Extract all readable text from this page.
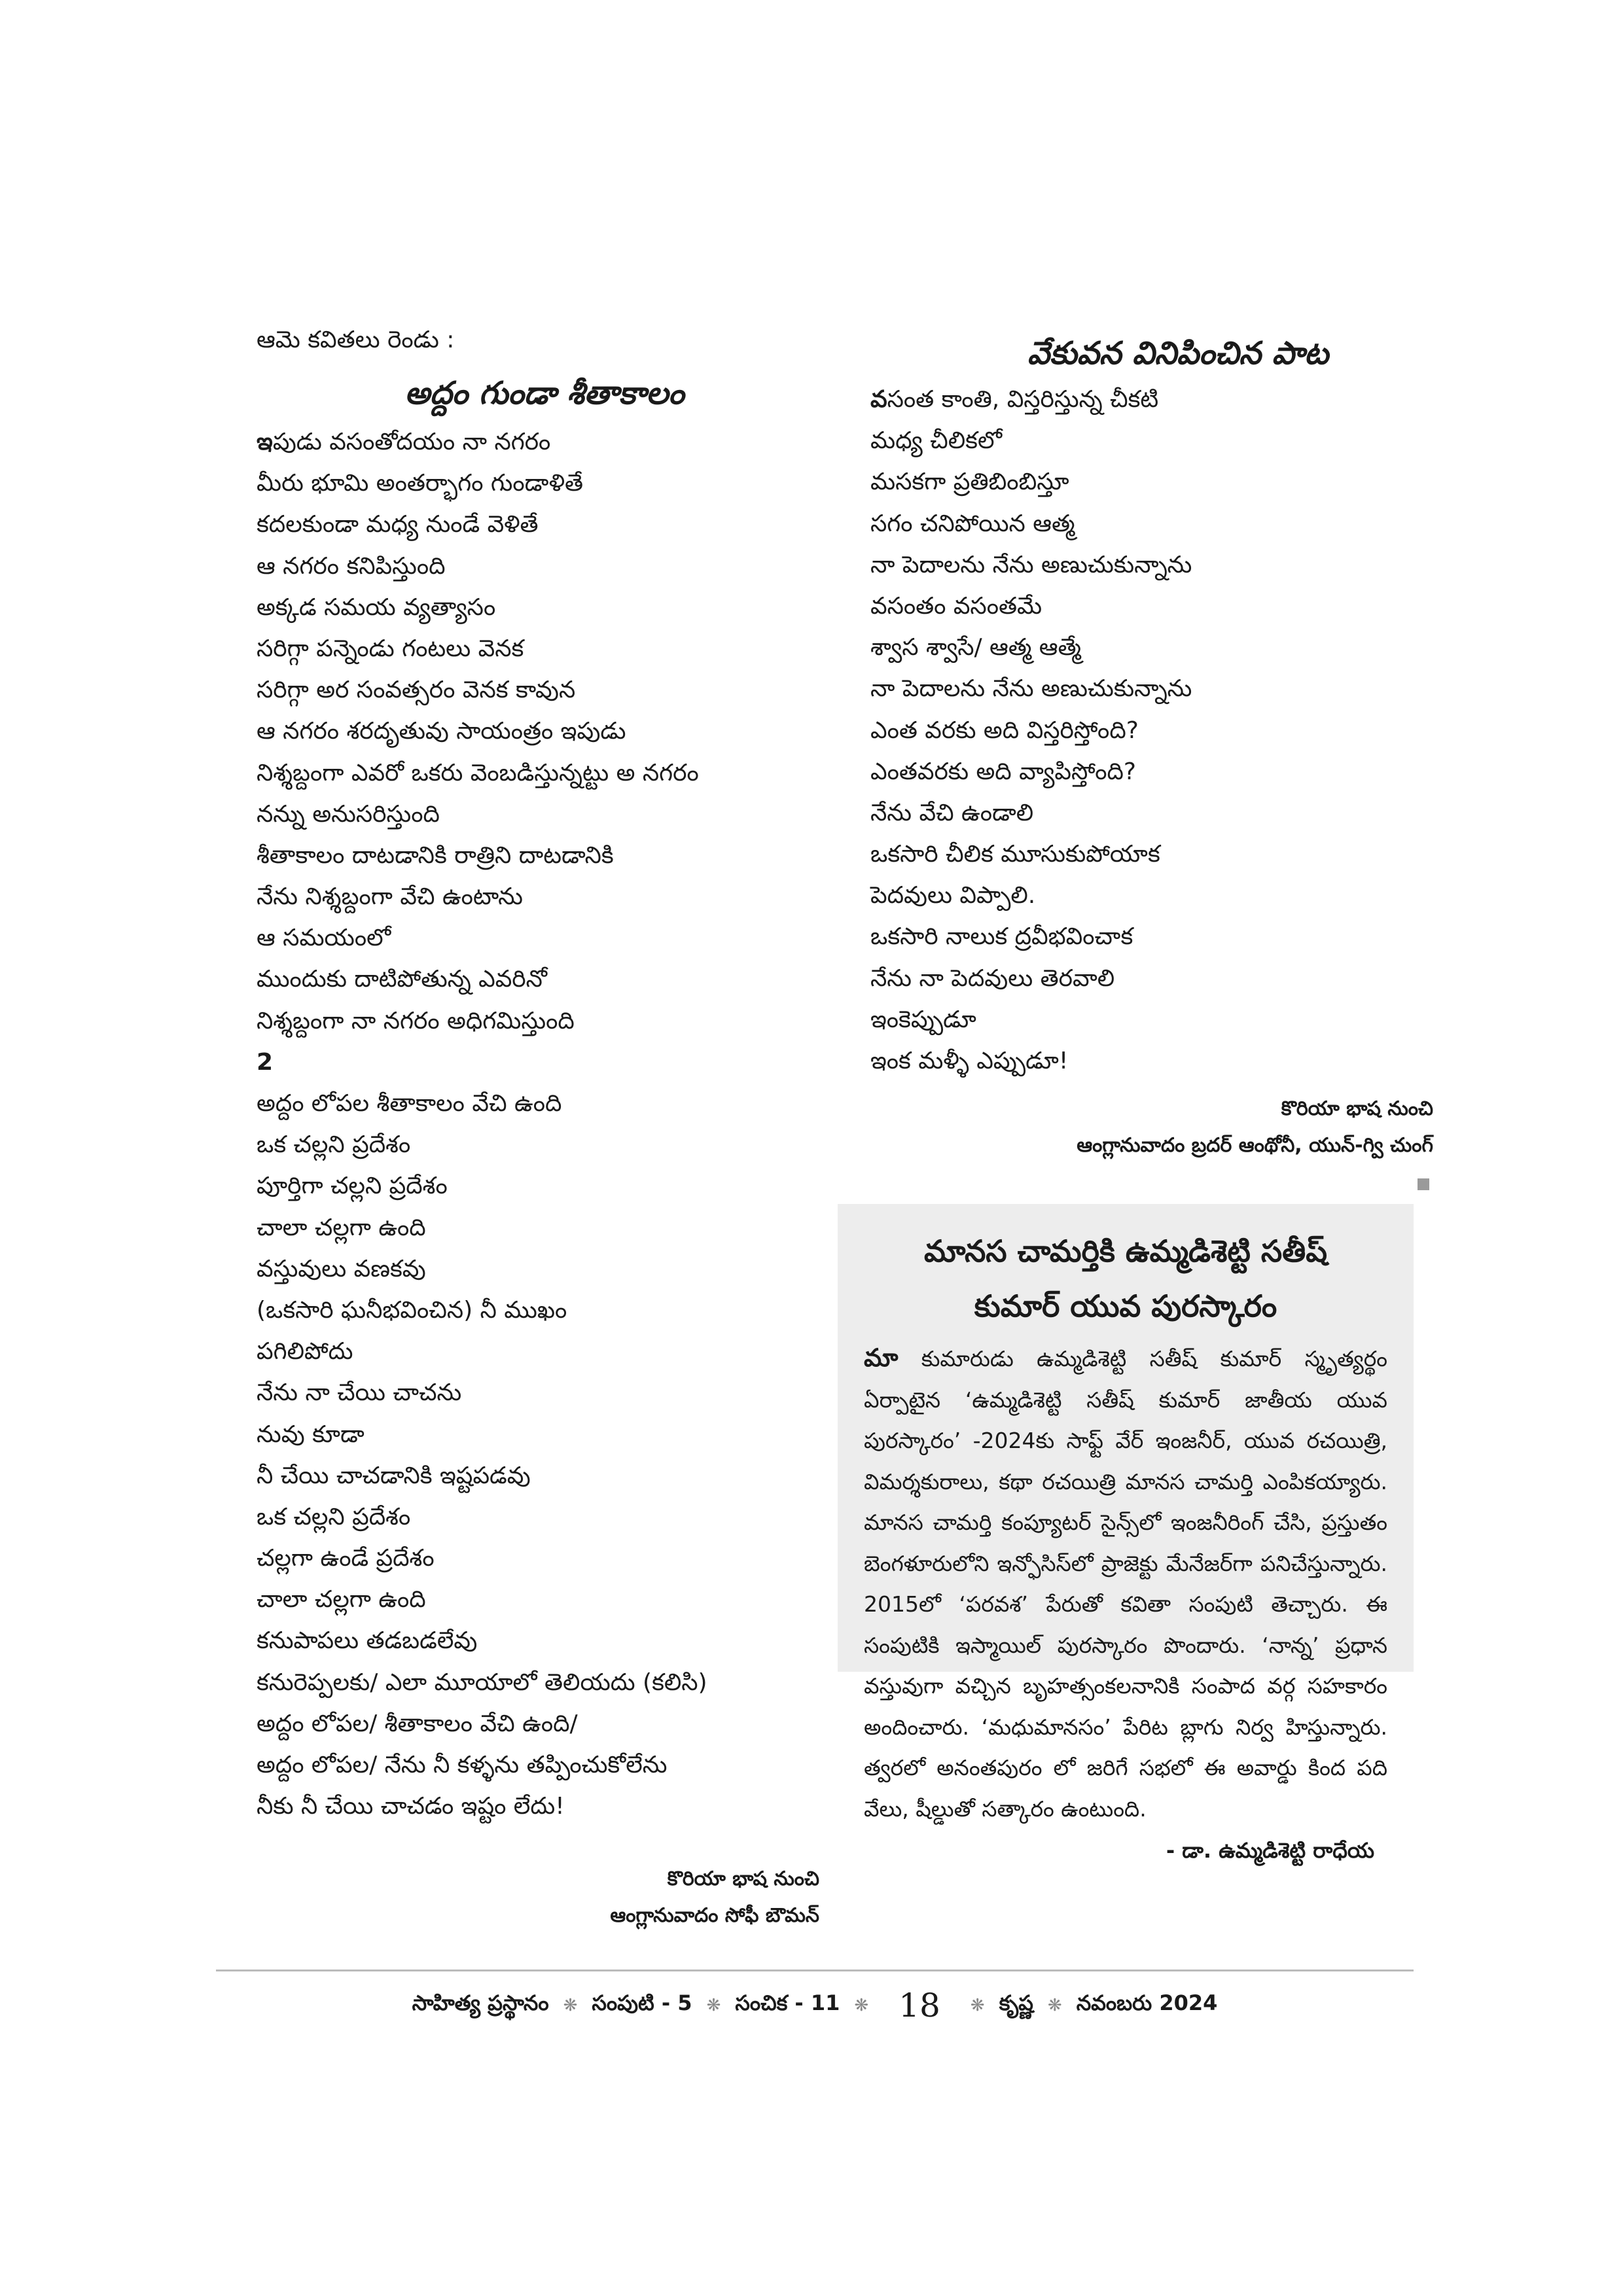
ఆమె కవితలు రెండు :
అద్దం గుండా శీతాకాలం
ఇపుడు వసంతోదయం నా నగరం
మీరు భూమి అంతర్భాగం గుండాళితే
కదలకుండా మధ్య నుండే వెళితే
ఆ నగరం కనిపిస్తుంది
అక్కడ సమయ వ్యత్యాసం
సరిగ్గా పన్నెండు గంటలు వెనక
సరిగ్గా అర సంవత్సరం వెనక కావున
ఆ నగరం శరదృతువు సాయంత్రం ఇపుడు
నిశ్శబ్దంగా ఎవరో ఒకరు వెంబడిస్తున్నట్టు అ నగరం
నన్ను అనుసరిస్తుంది
శీతాకాలం దాటడానికి రాత్రిని దాటడానికి
నేను నిశ్శబ్దంగా వేచి ఉంటాను
ఆ సమయంలో
ముందుకు దాటిపోతున్న ఎవరినో
నిశ్శబ్దంగా నా నగరం అధిగమిస్తుంది
2
అద్దం లోపల శీతాకాలం వేచి ఉంది
ఒక చల్లని ప్రదేశం
పూర్తిగా చల్లని ప్రదేశం
చాలా చల్లగా ఉంది
వస్తువులు వణకవు
(ఒకసారి ఘనీభవించిన) నీ ముఖం
పగిలిపోదు
నేను నా చేయి చాచను
నువు కూడా
నీ చేయి చాచడానికి ఇష్టపడవు
ఒక చల్లని ప్రదేశం
చల్లగా ఉండే ప్రదేశం
చాలా చల్లగా ఉంది
కనుపాపలు తడబడలేవు
కనురెప్పలకు/ ఎలా మూయాలో తెలియదు (కలిసి)
అద్దం లోపల/ శీతాకాలం వేచి ఉంది/
అద్దం లోపల/ నేను నీ కళ్ళను తప్పించుకోలేను
నీకు నీ చేయి చాచడం ఇష్టం లేదు!
కొరియా భాష నుంచి
ఆంగ్లానువాదం సోఫీ బౌమన్
వేకువన వినిపించిన పాట
వసంత కాంతి, విస్తరిస్తున్న చీకటి
మధ్య చీలికలో
మసకగా ప్రతిబింబిస్తూ
సగం చనిపోయిన ఆత్మ
నా పెదాలను నేను అణుచుకున్నాను
వసంతం వసంతమే
శ్వాస శ్వాసే/ ఆత్మ ఆత్మే
నా పెదాలను నేను అణుచుకున్నాను
ఎంత వరకు అది విస్తరిస్తోంది?
ఎంతవరకు అది వ్యాపిస్తోంది?
నేను వేచి ఉండాలి
ఒకసారి చీలిక మూసుకుపోయాక
పెదవులు విప్పాలి.
ఒకసారి నాలుక ద్రవీభవించాక
నేను నా పెదవులు తెరవాలి
ఇంకెప్పుడూ
ఇంక మళ్ళీ ఎప్పుడూ!
కొరియా భాష నుంచి
ఆంగ్లానువాదం బ్రదర్ ఆంథోనీ, యున్-గ్వి చుంగ్
మానస చామర్తికి ఉమ్మడిశెట్టి సతీష్
కుమార్ యువ పురస్కారం
మా కుమారుడు ఉమ్మడిశెట్టి సతీష్ కుమార్ స్మృత్యర్థం ఏర్పాటైన ‘ఉమ్మడిశెట్టి సతీష్ కుమార్ జాతీయ యువ పురస్కారం’ -2024కు సాఫ్ట్ వేర్ ఇంజనీర్, యువ రచయిత్రి, విమర్శకురాలు, కథా రచయిత్రి మానస చామర్తి ఎంపికయ్యారు. మానస చామర్తి కంప్యూటర్ సైన్స్‌లో ఇంజనీరింగ్ చేసి, ప్రస్తుతం బెంగళూరులోని ఇన్ఫోసిస్‌లో ప్రాజెక్టు మేనేజర్‌గా పనిచేస్తున్నారు. 2015లో ‘పరవశ’ పేరుతో కవితా సంపుటి తెచ్చారు. ఈ సంపుటికి ఇస్మాయిల్ పురస్కారం పొందారు. ‘నాన్న’ ప్రధాన వస్తువుగా వచ్చిన బృహత్సంకలనానికి సంపాద వర్గ సహకారం అందించారు. ‘మధుమానసం’ పేరిట బ్లాగు నిర్వ హిస్తున్నారు. త్వరలో అనంతపురం లో జరిగే సభలో ఈ అవార్డు కింద పది వేలు, షీల్డుతో సత్కారం ఉంటుంది.
- డా. ఉమ్మడిశెట్టి రాధేయ
సాహిత్య ప్రస్థానం ❋ సంపుటి - 5 ❋ సంచిక - 11 ❋ 18	❋ కృష్ణ ❋ నవంబరు 2024
